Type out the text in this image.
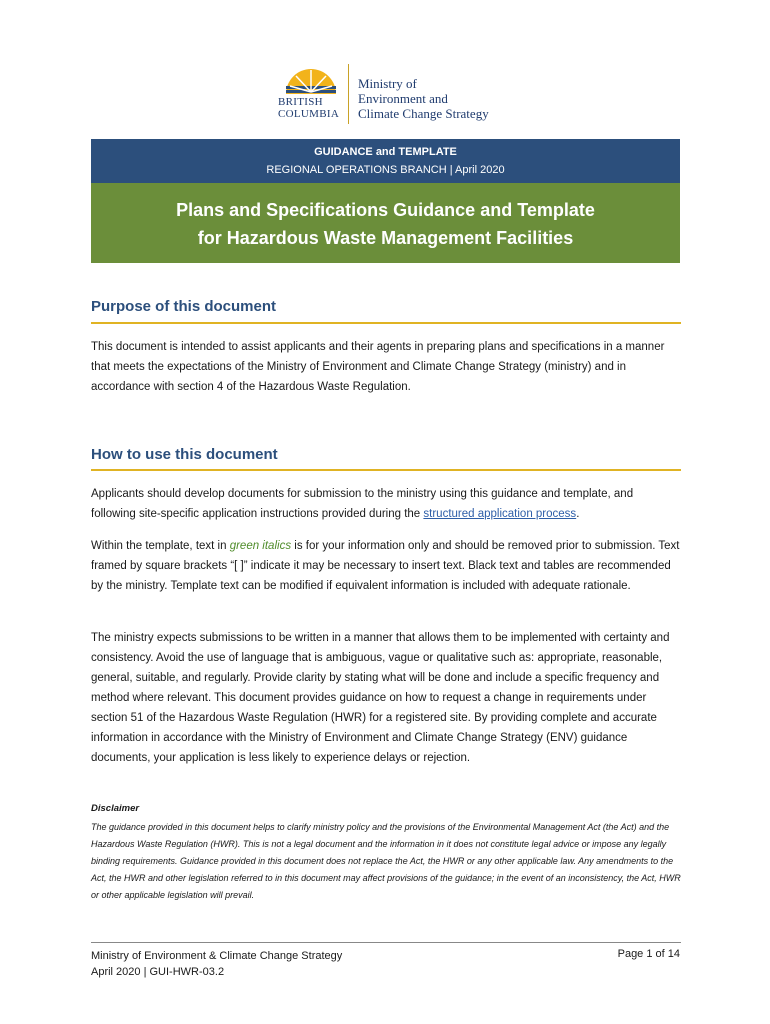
BRITISH
COLUMBIA
Ministry of
Environment and
Climate Change Strategy
GUIDANCE and TEMPLATE
REGIONAL OPERATIONS BRANCH | April 2020
Plans and Specifications Guidance and Template
for Hazardous Waste Management Facilities
Purpose of this document

This document is intended to assist applicants and their agents in preparing plans and specifications in a manner that meets the expectations of the Ministry of Environment and Climate Change Strategy (ministry) and in accordance with section 4 of the Hazardous Waste Regulation.

How to use this document

Applicants should develop documents for submission to the ministry using this guidance and template, and following site-specific application instructions provided during the structured application process.

Within the template, text in green italics is for your information only and should be removed prior to submission. Text framed by square brackets “[ ]” indicate it may be necessary to insert text. Black text and tables are recommended by the ministry. Template text can be modified if equivalent information is included with adequate rationale.

The ministry expects submissions to be written in a manner that allows them to be implemented with certainty and consistency. Avoid the use of language that is ambiguous, vague or qualitative such as: appropriate, reasonable, general, suitable, and regularly. Provide clarity by stating what will be done and include a specific frequency and method where relevant. This document provides guidance on how to request a change in requirements under section 51 of the Hazardous Waste Regulation (HWR) for a registered site. By providing complete and accurate information in accordance with the Ministry of Environment and Climate Change Strategy (ENV) guidance documents, your application is less likely to experience delays or rejection.

Disclaimer
The guidance provided in this document helps to clarify ministry policy and the provisions of the Environmental Management Act (the Act) and the Hazardous Waste Regulation (HWR). This is not a legal document and the information in it does not constitute legal advice or impose any legally binding requirements. Guidance provided in this document does not replace the Act, the HWR or any other applicable law. Any amendments to the Act, the HWR and other legislation referred to in this document may affect provisions of the guidance; in the event of an inconsistency, the Act, HWR or other applicable legislation will prevail.
Ministry of Environment & Climate Change Strategy
April 2020 | GUI-HWR-03.2
Page 1 of 14
